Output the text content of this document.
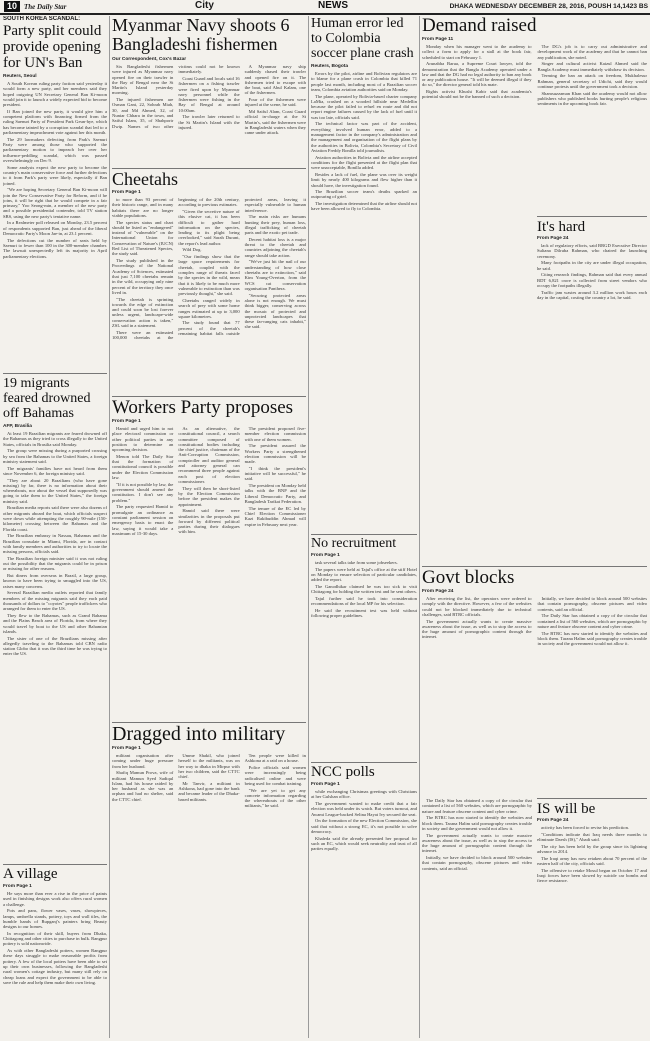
10	The Daily Star	City	NEWS	DHAKA WEDNESDAY DECEMBER 28, 2016, POUSH 14,1423 BS
SOUTH KOREA SCANDAL:
Party split could provide opening for UN's Ban
Reuters, Seoul

A South Korean ruling party faction said yesterday it would form a new party, and her members said they hoped outgoing UN Secretary General Ban Ki-moon would join it to launch a widely expected bid to become president.

If Ban joined the new party, it would give him a competent platform with financing firmed from the ruling Saenuri Party of President Park Geun-hye, which has become tainted by a corruption scandal that led to a parliamentary impeachment vote against her this month.

The 29 lawmakers defecting from Park's Saenuri Party were among those who supported the parliamentary motion to impeach her over her influence-peddling scandal, which was passed overwhelmingly on Dec 9.

Some analysts expect the new party to become the country's main conservative force and further defections to it from Park's party were likely, especially if Ban joined.

"We are hoping Secretary General Ban Ki-moon will join the New Conservative Party for Reform, and if he joins, it will be right that he would compete in a fair primary," Yoo Seong-min, a member of the new party and a possible presidential contender, told TV station SBS, using the new party's tentative name.

In a Realmeter poll released on Monday, 23.5 percent of respondents supported Ban, just ahead of the liberal Democratic Party's Moon Jae-in, at 23.1 percent.

The defections cut the number of seats held by Saenuri to fewer than 100 in the 300-member chamber. The lawsuit unexpectedly left its majority in April parliamentary elections.

19 migrants feared drowned off Bahamas
AFP, Brasilia

At least 19 Brazilian migrants are feared drowned off the Bahamas as they tried to cross illegally to the United States, officials in Brasilia said Monday.

The group were missing during a purported crossing by sea from the Bahamas to the United States, a foreign ministry statement said.

The migrants' families have not heard from them since November 6, the foreign ministry said.

"They are about 20 Brazilians (who have gone missing) by far, there is no information about their whereabouts, nor about the vessel that supposedly was going to take them to the United States," the foreign ministry said.

Brazilian media reports said there were also dozens of other migrants aboard the boat, which officials suspect were down while attempting the roughly 90-mile (150-kilometer) crossing between the Bahamas and the Florida coast.

The Brazilian embassy in Nassau, Bahamas and the Brazilian consulate in Miami, Florida, are in contact with family members and authorities to try to locate the missing persons, officials said.

The Brazilian foreign minister said it was not ruling out the possibility that the migrants could be in prison or missing for other reasons.

But diners from overseas in Brazil, a large group, known to have been trying to smuggled into the US, raises many concerns.

Several Brazilian media outlets reported that family members of the missing migrants said they each paid thousands of dollars to "coyotes" people traffickers who arranged for them to enter the US.

They flew to the Bahamas, such as Grand Bahama and the Plains Beach area of Florida, from where they would travel by boat to the US and other Bahamian islands.

The sister of one of the Brazilians missing after allegedly traveling to the Bahamas told CBN radio station Globo that it was the third time he was trying to enter the US.

A village
From Page 1

He says more than ever a rise in the price of paints used in finishing designs work also offers rural women a challenge.

Pots and pans, flower vases, vases, showpieces, lamps, umbrella stands, pottery, toys and wall tiles, the humble hands of Rupganj's painters bring Beauty designs to our homes.

In recognition of their skill, buyers from Dhaka, Chittagong and other cities to purchase in bulk. Rangpur pottery is sold nationwide.

As with other Bangladeshi potters, women Rangpur these days struggle to make reasonable profits from pottery. A few of the local potters have been able to set up their own businesses, following the Bangladeshi rural women's cottage industry, but many still rely on cheap loans and expect the government to be able to save the rule and help them make their own living.

Myanmar Navy shoots 6 Bangladeshi fishermen
Our Correspondent, Cox's Bazar

Six Bangladeshi fishermen were injured as Myanmar navy opened fire on their trawler in the Bay of Bengal near the St Martin's Island yesterday morning.

The injured fishermen are Osman Gani, 22, Sohrab Miah, 30, and Md Ahmed, 32, of Nuniar Chhara in the town, and Saiful Islam, 35, of Shahporir Dwip. Names of two other victims could not be known immediately.

Coast Guard and locals said 16 fishermen on a fishing trawler were fired upon by Myanmar navy personnel while the fishermen were fishing in the Bay of Bengal at around 10:00am.

The trawler later returned to the St Martin's Island with the injured.

A Myanmar navy ship suddenly chased their trawler and opened fire on it. The fishermen tried to escape with the boat, said Abul Kalam, one of the fishermen.

Four of the fishermen were injured at the scene, he said.

Md Saiful Alam, Coast Guard official in-charge at the St Martin's, said the fishermen were in Bangladeshi waters when they came under attack.

Cheetahs
From Page 1

to more than 93 percent of their historic range, and in many habitats there are no longer viable populations.

The species status and chart should be listed as "endangered" instead of "vulnerable" on the International Union for Conservation of Nature's (IUCN) Red List of Threatened Species, the study said.

The study published in the Proceedings of the National Academy of Sciences, estimated that just 7,100 cheetahs remain in the wild, occupying only nine percent of the territory they once lived in.

"The cheetah is sprinting towards the edge of extinction and could soon be lost forever unless urgent, landscape-wide conservation action is taken," ZSL said in a statement.

There were an estimated 100,000 cheetahs at the beginning of the 20th century, according to previous estimates.

"Given the secretive nature of this elusive cat, it has been difficult to gather hard information on the species, leading to its plight being overlooked," said Sarah Durant, the report's lead author.

Wild Dog.

"Our findings show that the large space requirements for cheetah, coupled with the complex range of threats faced by the species in the wild, mean that it is likely to be much more vulnerable to extinction than was previously thought," she said.

Cheetahs ranged widely in search of prey with some home ranges estimated at up to 3,000 square kilometres.

The study found that 77 percent of the cheetah's remaining habitat falls outside protected areas, leaving it especially vulnerable to human interference.

The main risks are humans hunting their prey, human loss, illegal trafficking of cheetah parts and the exotic pet trade.

Decent habitat loss is a major threat to the cheetah and countries adjoining the cheetah's range should take action.

"We've just hit the nail of our understanding of how close cheetahs are to extinction," said Kim Young-Overton, from the WCS cat conservation organisation Panthera.

"Securing protected areas alone is not enough. We must think bigger, conserving across the mosaic of protected and unprotected landscapes that these far-ranging cats inhabit," she said.

Workers Party proposes
From Page 1

Hamid and urged him to not place electoral commission or other political parties in any position to determine an upcoming decision.

Menon told The Daily Star that the formation of constitutional council is possible under the Election Commission law.

"If it is not possible by law, the government should amend the constitution. I don't see any problem."

The party requested Hamid to promulgate an ordinance as constant parliament session on emergency basis to enact the law, saying it would take a maximum of 15-30 days.

As an alternative, the constitutional council, a search committee composed of constitutional bodies including the chief justice, chairman of the Anti-Corruption Commission, comptroller and auditor general and attorney general can recommend three people against each post of election commissioner.

They will then be short-listed by the Election Commission before the president makes the appointment.

Hamid said there were similarities in the proposals put forward by different political parties during their dialogues with him.

The president proposed five-member election commission with one of them women.

The president assured the Workers Party a strengthened election commission will be made.

"I think the president's initiative will be successful," he said.

The president on Monday held talks with the BNP and the Liberal Democratic Party, and Bangladesh Tarikat Federation.

The tenure of the EC led by Chief Election Commissioner Kazi Rakibuddin Ahmad will expire in February next year.

Dragged into military
From Page 1

militant organisation after coming under huge pressure from her husband.

Shafiq Mamun Prova, wife of militant Mamun Syed Sadiqul Islam, had his house raided by her husband as she was an orphan and had no shelter, said the CTTC chief.

Umme Shakil, who joined herself to the militants, was on her way to dhaka in Mirpur with her two children, said the CTTC chief.

Mr Tanvir, a militant in Ashkona, had gone into the bank and became leader of the Dhaka-based militants.

Ten people were killed in Ashkona at a raid on a house.

Police officials said women were increasingly being radicalised online and were being used for combat training.

"We are yet to get any concrete information regarding the whereabouts of the other militants," he said.

Human error led to Colombia soccer plane crash
Reuters, Bogota

Errors by the pilot, airline and Bolivian regulators are to blame for a plane crash in Colombia that killed 71 people last month, including most of a Brazilian soccer team, Colombia aviation authorities said on Monday.

The plane, operated by Bolivia-based charter company LaMia, crashed on a wooded hillside near Medellin because the pilot failed to refuel en route and did not report engine failures caused by the lack of fuel until it was too late, officials said.

The technical factor was part of the accident, everything involved human error, added to a management factor in the company's administration and the management and organisation of the flight plans by the authorities in Bolivia, Colombia's Secretary of Civil Aviation Freddy Bonilla told journalists.

Aviation authorities in Bolivia and the airline accepted conditions for the flight presented at the flight plan that were unacceptable, Bonilla added.

Besides a lack of fuel, the plane was over its weight limit by nearly 400 kilograms and flew higher than it should have, the investigation found.

The Brazilian soccer team's deaths sparked an outpouring of grief.

The investigation determined that the airline should not have been allowed to fly to Colombia.

No recruitment
From Page 1

task several talks take from some jobseekers.

The papers were held at Tajul's office at the stiff Hotel on Monday to ensure selection of particular candidates, added the report.

The Ganodhikar claimed he was too sick to visit Chittagong for holding the written test and he sent others.

Tajul further said he took into consideration recommendations of the local MP for his selection.

He said the recruitment test was held without following proper guidelines.

NCC polls
From Page 1

while exchanging Christmas greetings with Christians at her Gulshan office.

The government wanted to make credit that a fair election was held under its watch. But voters turnout, and Awami League-backed Selina Hayat Ivy secured the seat.

On the formation of the new Election Commission, she said that without a strong EC, it's not possible to solve democracy.

Khaleda said the already presented her proposal for such an EC, which would seek neutrality and trust of all parties equally.

Demand raised
From Page 11

Monday when his manager went to the academy to collect a form to apply for a stall at the book fair, scheduled to start on February 1.

Arunabha Barua, a Supreme Court lawyer, told the demonstration that the Bangla Academy operated under a law and that the DG had no legal authority to ban any book or any publication house. "It will be deemed illegal if they do so," the director general told his mate.

Rights activist Khushi Kabir said that academia's potential should not be the banned of such a decision.

The DG's job is to carry out administrative and development work of the academy and that he cannot ban any publication, she noted.

Singer and cultural activist Kaizul Ahmed said the Bangla Academy must immediately withdraw its decision.

Terming the ban an attack on freedom, Mukhalesur Rahman, general secretary of Udichi, said they would continue protests until the government took a decision.

Shamsuzzaman Khan said the academy would not allow publishers who published books hurting people's religious sentiments in the upcoming book fair.

It's hard
From Page 24

lack of regulatory efforts, said BRGD Executive Director Sultana Dilruba Rahman, who chaired the launching ceremony.

Many footpaths in the city are under illegal occupation, he said.

Citing research findings, Rahman said that every annual BDT 6,821 crore is collected from street vendors who occupy the footpaths illegally.

Traffic jam wastes around 3.2 million work hours each day in the capital, costing the country a lot, he said.

Govt blocks
From Page 24

After receiving the list, the operators were ordered to comply with the directive. However, a few of the websites could not be blocked immediately due to technical challenges, said BTRC officials.

The government actually wants to create massive awareness about the issue, as well as to stop the access to the huge amount of pornographic content through the internet.

Initially, we have decided to block around 500 websites that contain pornography, obscene pictures and video contents, said an official.

The Daily Star has obtained a copy of the circular that contained a list of 560 websites, which are pornographic by nature and feature obscene content and cyber crime.

The BTRC has now started to identify the websites and block them. Tarana Halim said pornography creates trouble in society and the government would not allow it.

IS will be
From Page 24

activity has been forced to revise his prediction.

"Conditions indicate that Iraq needs three months to eliminate Daesh (IS)," Abadi said.

The city has been held by the group since its lightning advance in 2014.

The Iraqi army has now retaken about 70 percent of the eastern half of the city, officials said.

The offensive to retake Mosul began on October 17 and Iraqi forces have been slowed by suicide car bombs and fierce resistance.

The Daily Star has obtained a copy of the circular that contained a list of 560 websites, which are pornographic by nature and feature obscene content and cyber crime.

The BTRC has now started to identify the websites and block them. Tarana Halim said pornography creates trouble in society and the government would not allow it.

The government actually wants to create massive awareness about the issue, as well as to stop the access to the huge amount of pornographic content through the internet.

Initially, we have decided to block around 500 websites that contain pornography, obscene pictures and video contents, said an official.
